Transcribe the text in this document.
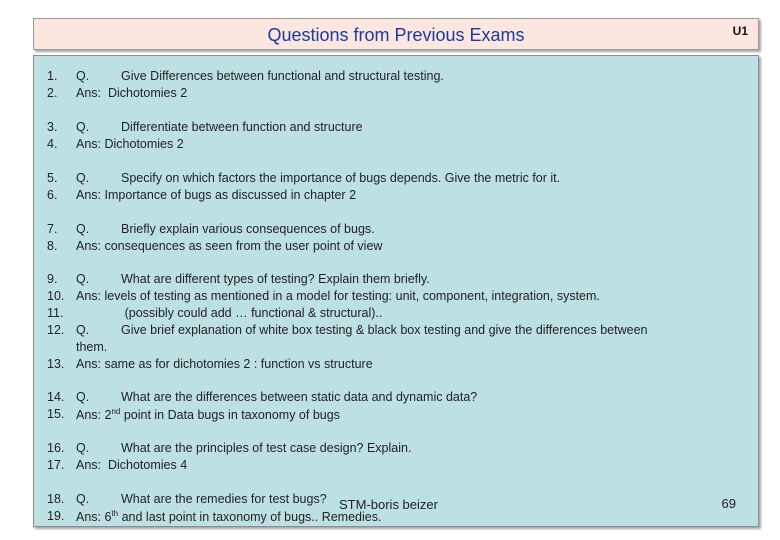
Questions from Previous Exams	U1
1.	Q.	Give Differences between functional and structural testing.
2.	Ans:  Dichotomies 2
3.	Q.	Differentiate between function and structure
4.	Ans: Dichotomies 2
5.	Q.	Specify on which factors the importance of bugs depends. Give the metric for it.
6.	Ans: Importance of bugs as discussed in chapter 2
7.	Q.	Briefly explain various consequences of bugs.
8.	Ans: consequences as seen from the user point of view
9.	Q.	What are different types of testing? Explain them briefly.
10. Ans: levels of testing as mentioned in a model for testing: unit, component, integration, system.
11.	(possibly could add … functional & structural)..
12. Q.	Give brief explanation of white box testing & black box testing and give the differences between
them.
13. Ans: same as for dichotomies 2 : function vs structure
14. Q.	What are the differences between static data and dynamic data?
15. Ans: 2nd point in Data bugs in taxonomy of bugs
16. Q.	What are the principles of test case design? Explain.
17. Ans:  Dichotomies 4
18. Q.	What are the remedies for test bugs?
19. Ans: 6th and last point in taxonomy of bugs.. Remedies.
STM-boris beizer	69
